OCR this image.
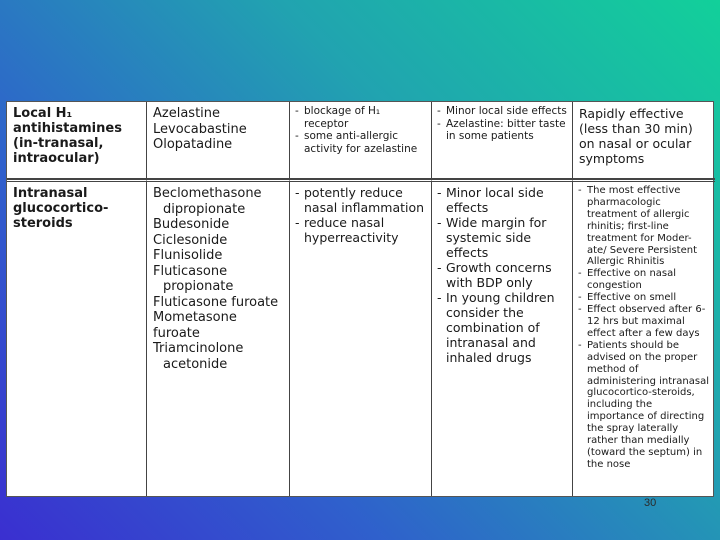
Local H₁ antihistamines (in-tranasal, intraocular)
Azelastine
Levocabastine
Olopatadine
- blockage of H₁ receptor
- some anti-allergic activity for azelastine
- Minor local side effects
- Azelastine: bitter taste in some patients
Rapidly effective (less than 30 min) on nasal or ocular symptoms
Intranasal glucocortico-steroids
Beclomethasone
dipropionate
Budesonide
Ciclesonide
Flunisolide
Fluticasone
propionate
Fluticasone furoate
Mometasone furoate
Triamcinolone
acetonide
- potently reduce nasal inflammation
- reduce nasal hyperreactivity
- Minor local side effects
- Wide margin for systemic side effects
- Growth concerns with BDP only
- In young children consider the combination of intranasal and inhaled drugs
- The most effective pharmacologic treatment of allergic rhinitis; first-line treatment for Moder-ate/ Severe Persistent Allergic Rhinitis
- Effective on nasal congestion
- Effective on smell
- Effect observed after 6-12 hrs but maximal effect after a few days
- Patients should be advised on the proper method of administering intranasal glucocortico-steroids, including the importance of directing the spray laterally rather than medially (toward the septum) in the nose
30
